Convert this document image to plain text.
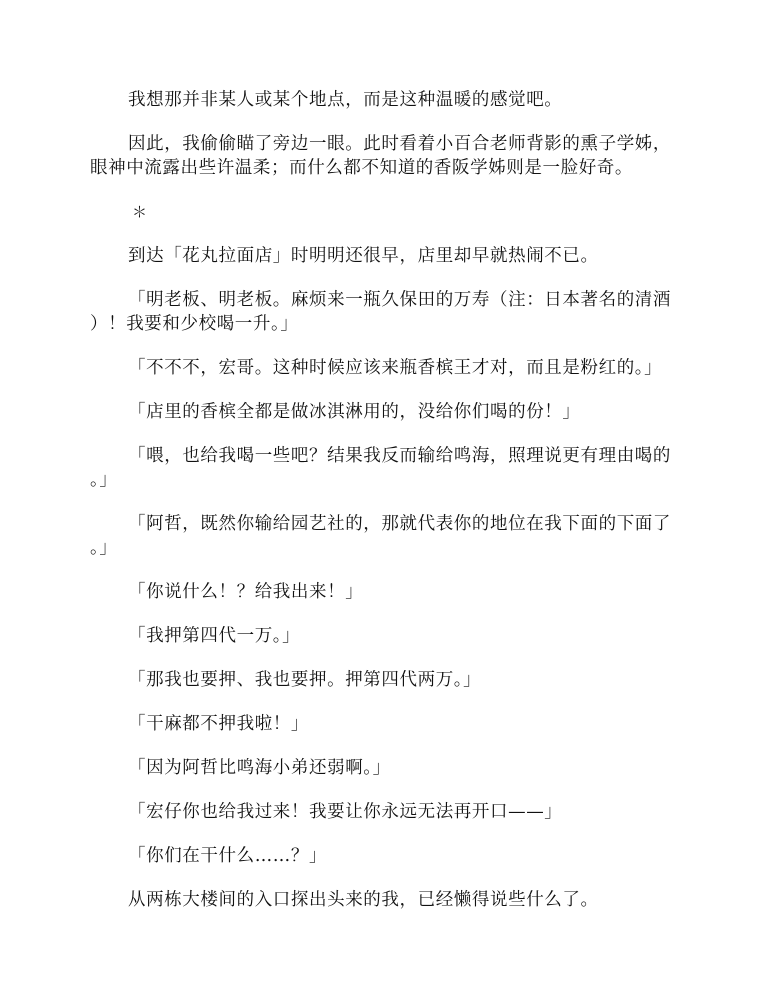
我想那并非某人或某个地点，而是这种温暖的感觉吧。

因此，我偷偷瞄了旁边一眼。此时看着小百合老师背影的熏子学姊，眼神中流露出些许温柔；而什么都不知道的香阪学姊则是一脸好奇。

＊

到达「花丸拉面店」时明明还很早，店里却早就热闹不已。

「明老板、明老板。麻烦来一瓶久保田的万寿（注：日本著名的清酒）！我要和少校喝一升。」

「不不不，宏哥。这种时候应该来瓶香槟王才对，而且是粉红的。」

「店里的香槟全都是做冰淇淋用的，没给你们喝的份！」

「喂，也给我喝一些吧？结果我反而输给鸣海，照理说更有理由喝的。」

「阿哲，既然你输给园艺社的，那就代表你的地位在我下面的下面了。」

「你说什么！？给我出来！」

「我押第四代一万。」

「那我也要押、我也要押。押第四代两万。」

「干麻都不押我啦！」

「因为阿哲比鸣海小弟还弱啊。」

「宏仔你也给我过来！我要让你永远无法再开口——」

「你们在干什么……？」

从两栋大楼间的入口探出头来的我，已经懒得说些什么了。
